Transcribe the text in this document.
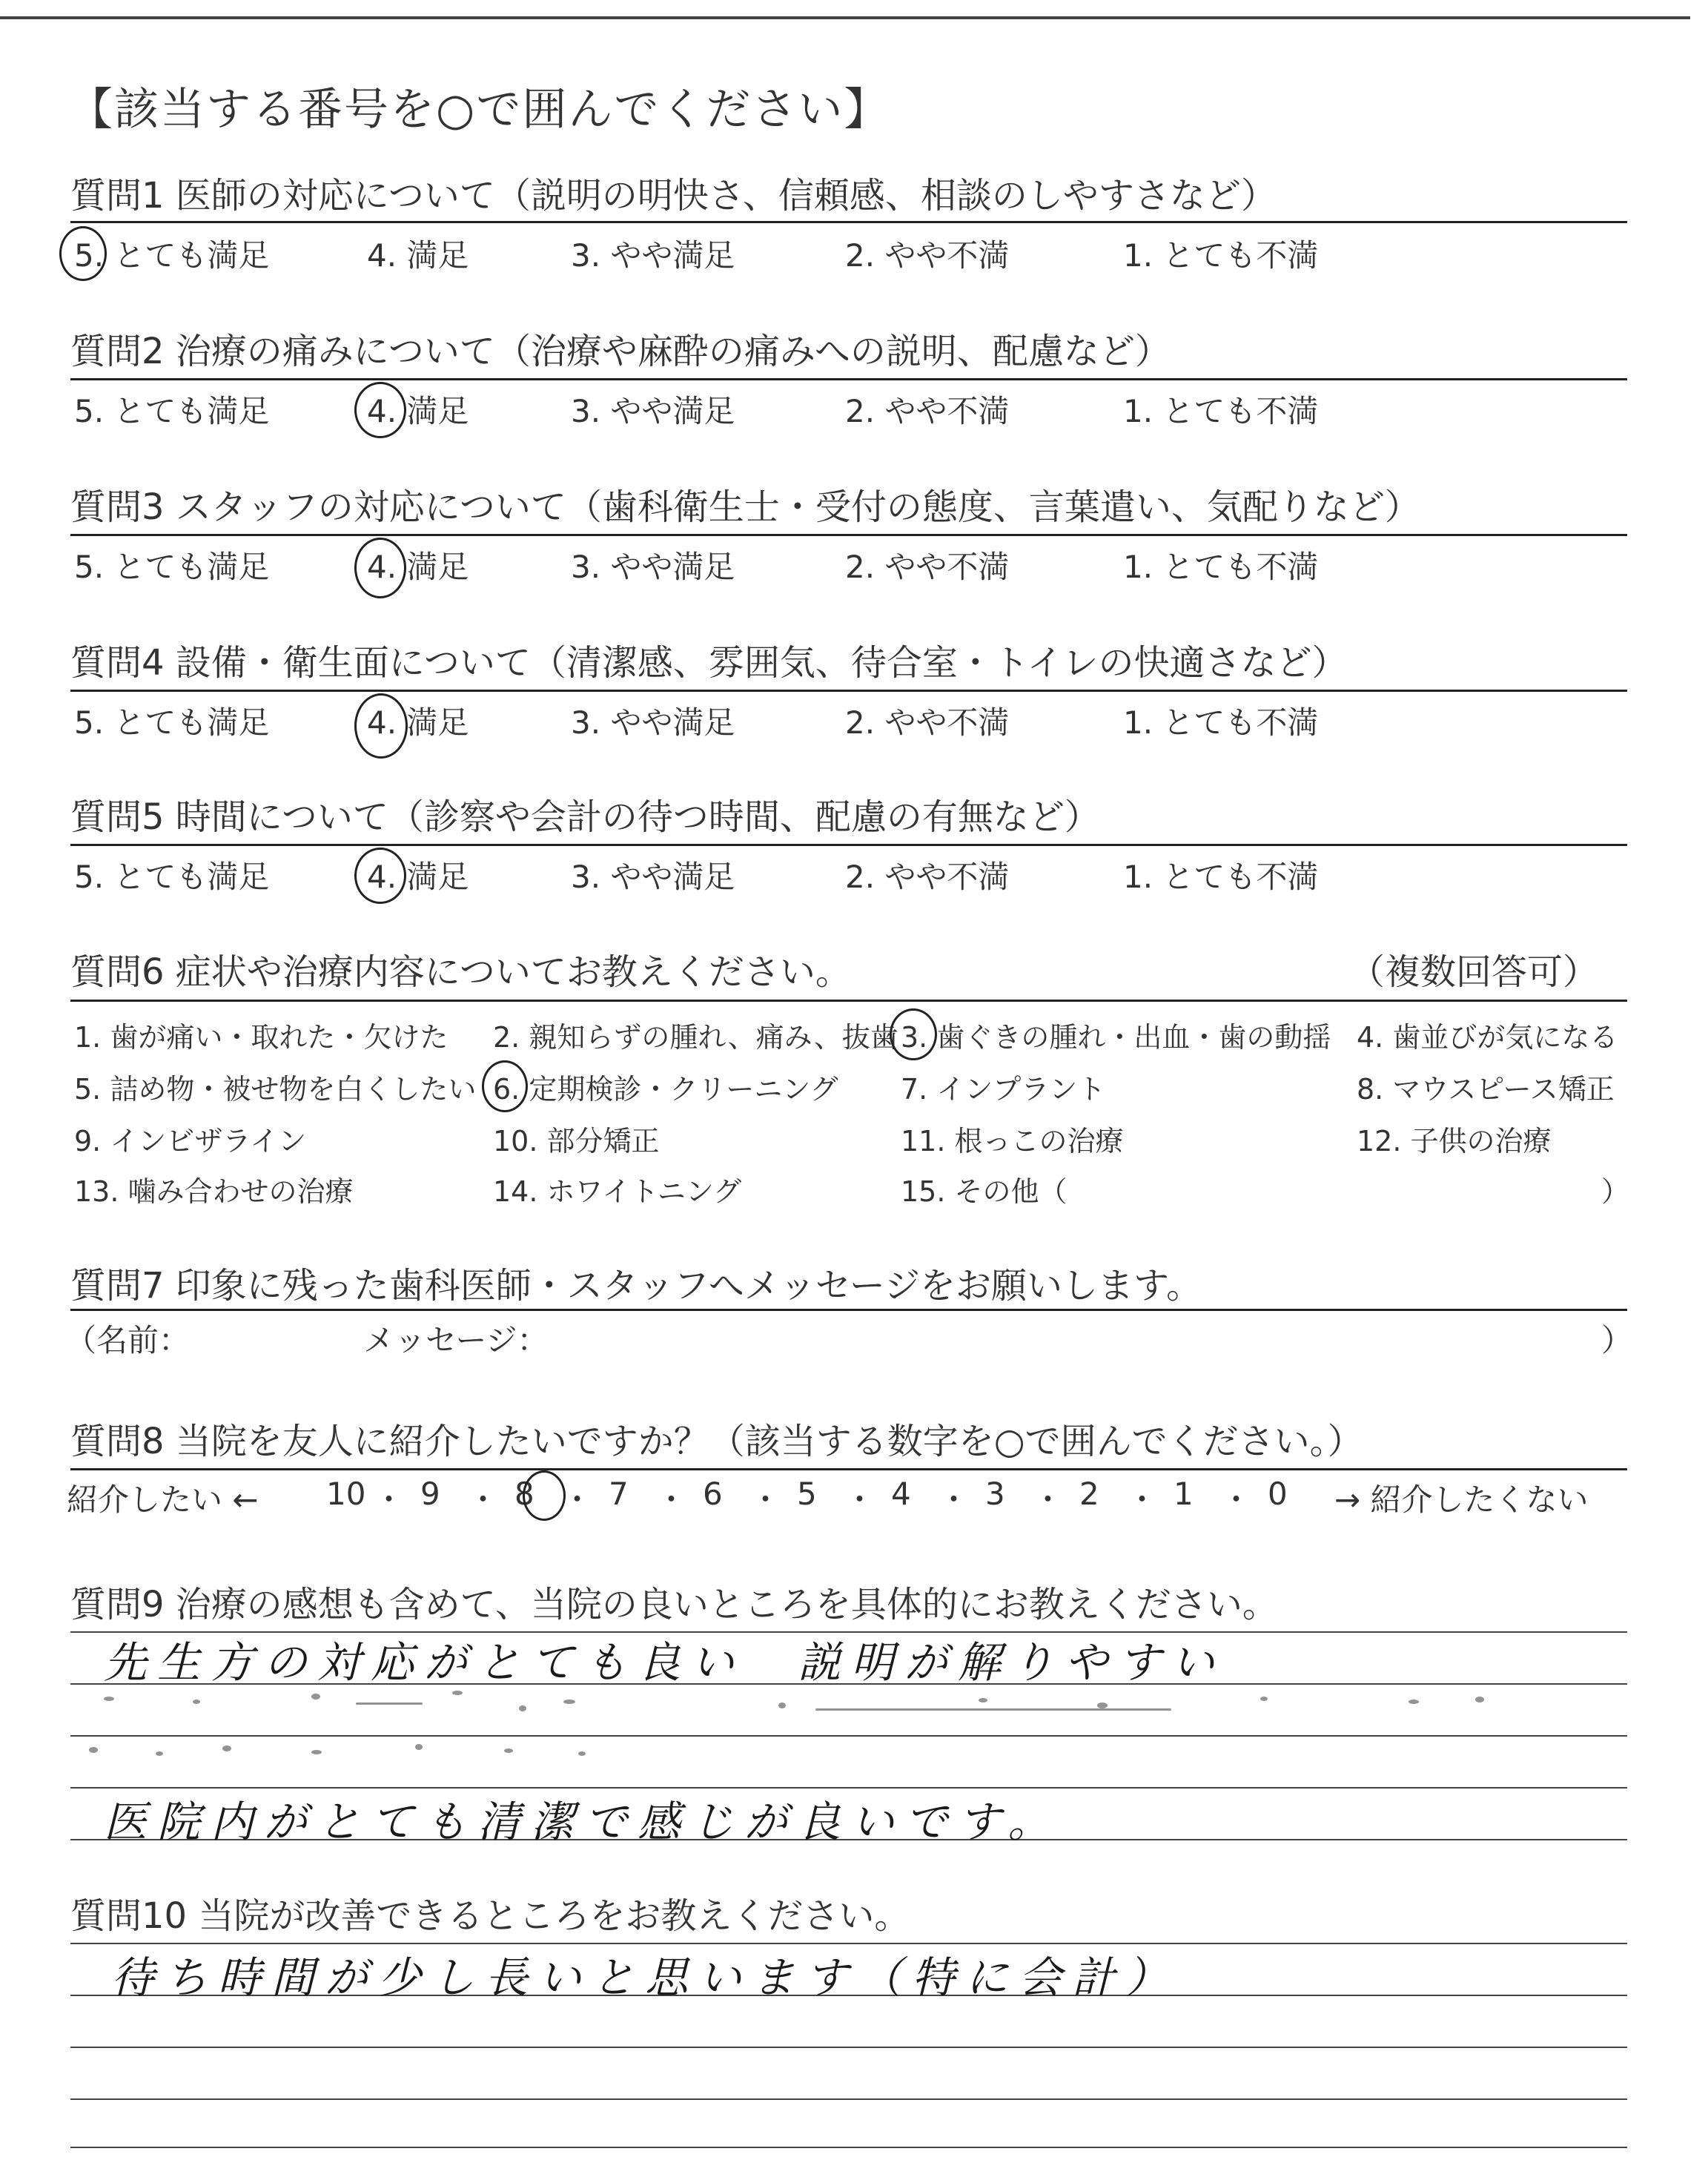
【該当する番号を○で囲んでください】
質問1 医師の対応について（説明の明快さ、信頼感、相談のしやすさなど）
5. とても満足	4. 満足	3. やや満足	2. やや不満	1. とても不満
質問2 治療の痛みについて（治療や麻酔の痛みへの説明、配慮など）
5. とても満足	4. 満足	3. やや満足	2. やや不満	1. とても不満
質問3 スタッフの対応について（歯科衛生士・受付の態度、言葉遣い、気配りなど）
5. とても満足	4. 満足	3. やや満足	2. やや不満	1. とても不満
質問4 設備・衛生面について（清潔感、雰囲気、待合室・トイレの快適さなど）
5. とても満足	4. 満足	3. やや満足	2. やや不満	1. とても不満
質問5 時間について（診察や会計の待つ時間、配慮の有無など）
5. とても満足	4. 満足	3. やや満足	2. やや不満	1. とても不満
質問6 症状や治療内容についてお教えください。	（複数回答可）
1. 歯が痛い・取れた・欠けた 2. 親知らずの腫れ、痛み、抜歯 3. 歯ぐきの腫れ・出血・歯の動揺 4. 歯並びが気になる
5. 詰め物・被せ物を白くしたい 6. 定期検診・クリーニング 7. インプラント	8. マウスピース矯正
9. インビザライン	10. 部分矯正	11. 根っこの治療	12. 子供の治療
13. 噛み合わせの治療	14. ホワイトニング	15. その他（	）
質問7 印象に残った歯科医師・スタッフへメッセージをお願いします。
（名前：	メッセージ：	）
質問8 当院を友人に紹介したいですか？（該当する数字を○で囲んでください。）
紹介したい ←	→ 紹介したくない
10 ・ 9 ・ 8 ・ 7 ・ 6 ・ 5 ・ 4 ・ 3 ・ 2 ・ 1 ・ 0
質問9 治療の感想も含めて、当院の良いところを具体的にお教えください。
先生方の対応がとても良い　説明が解りやすい
医院内がとても清潔で感じが良いです。
質問10 当院が改善できるところをお教えください。
待ち時間が少し長いと思います（特に会計）
